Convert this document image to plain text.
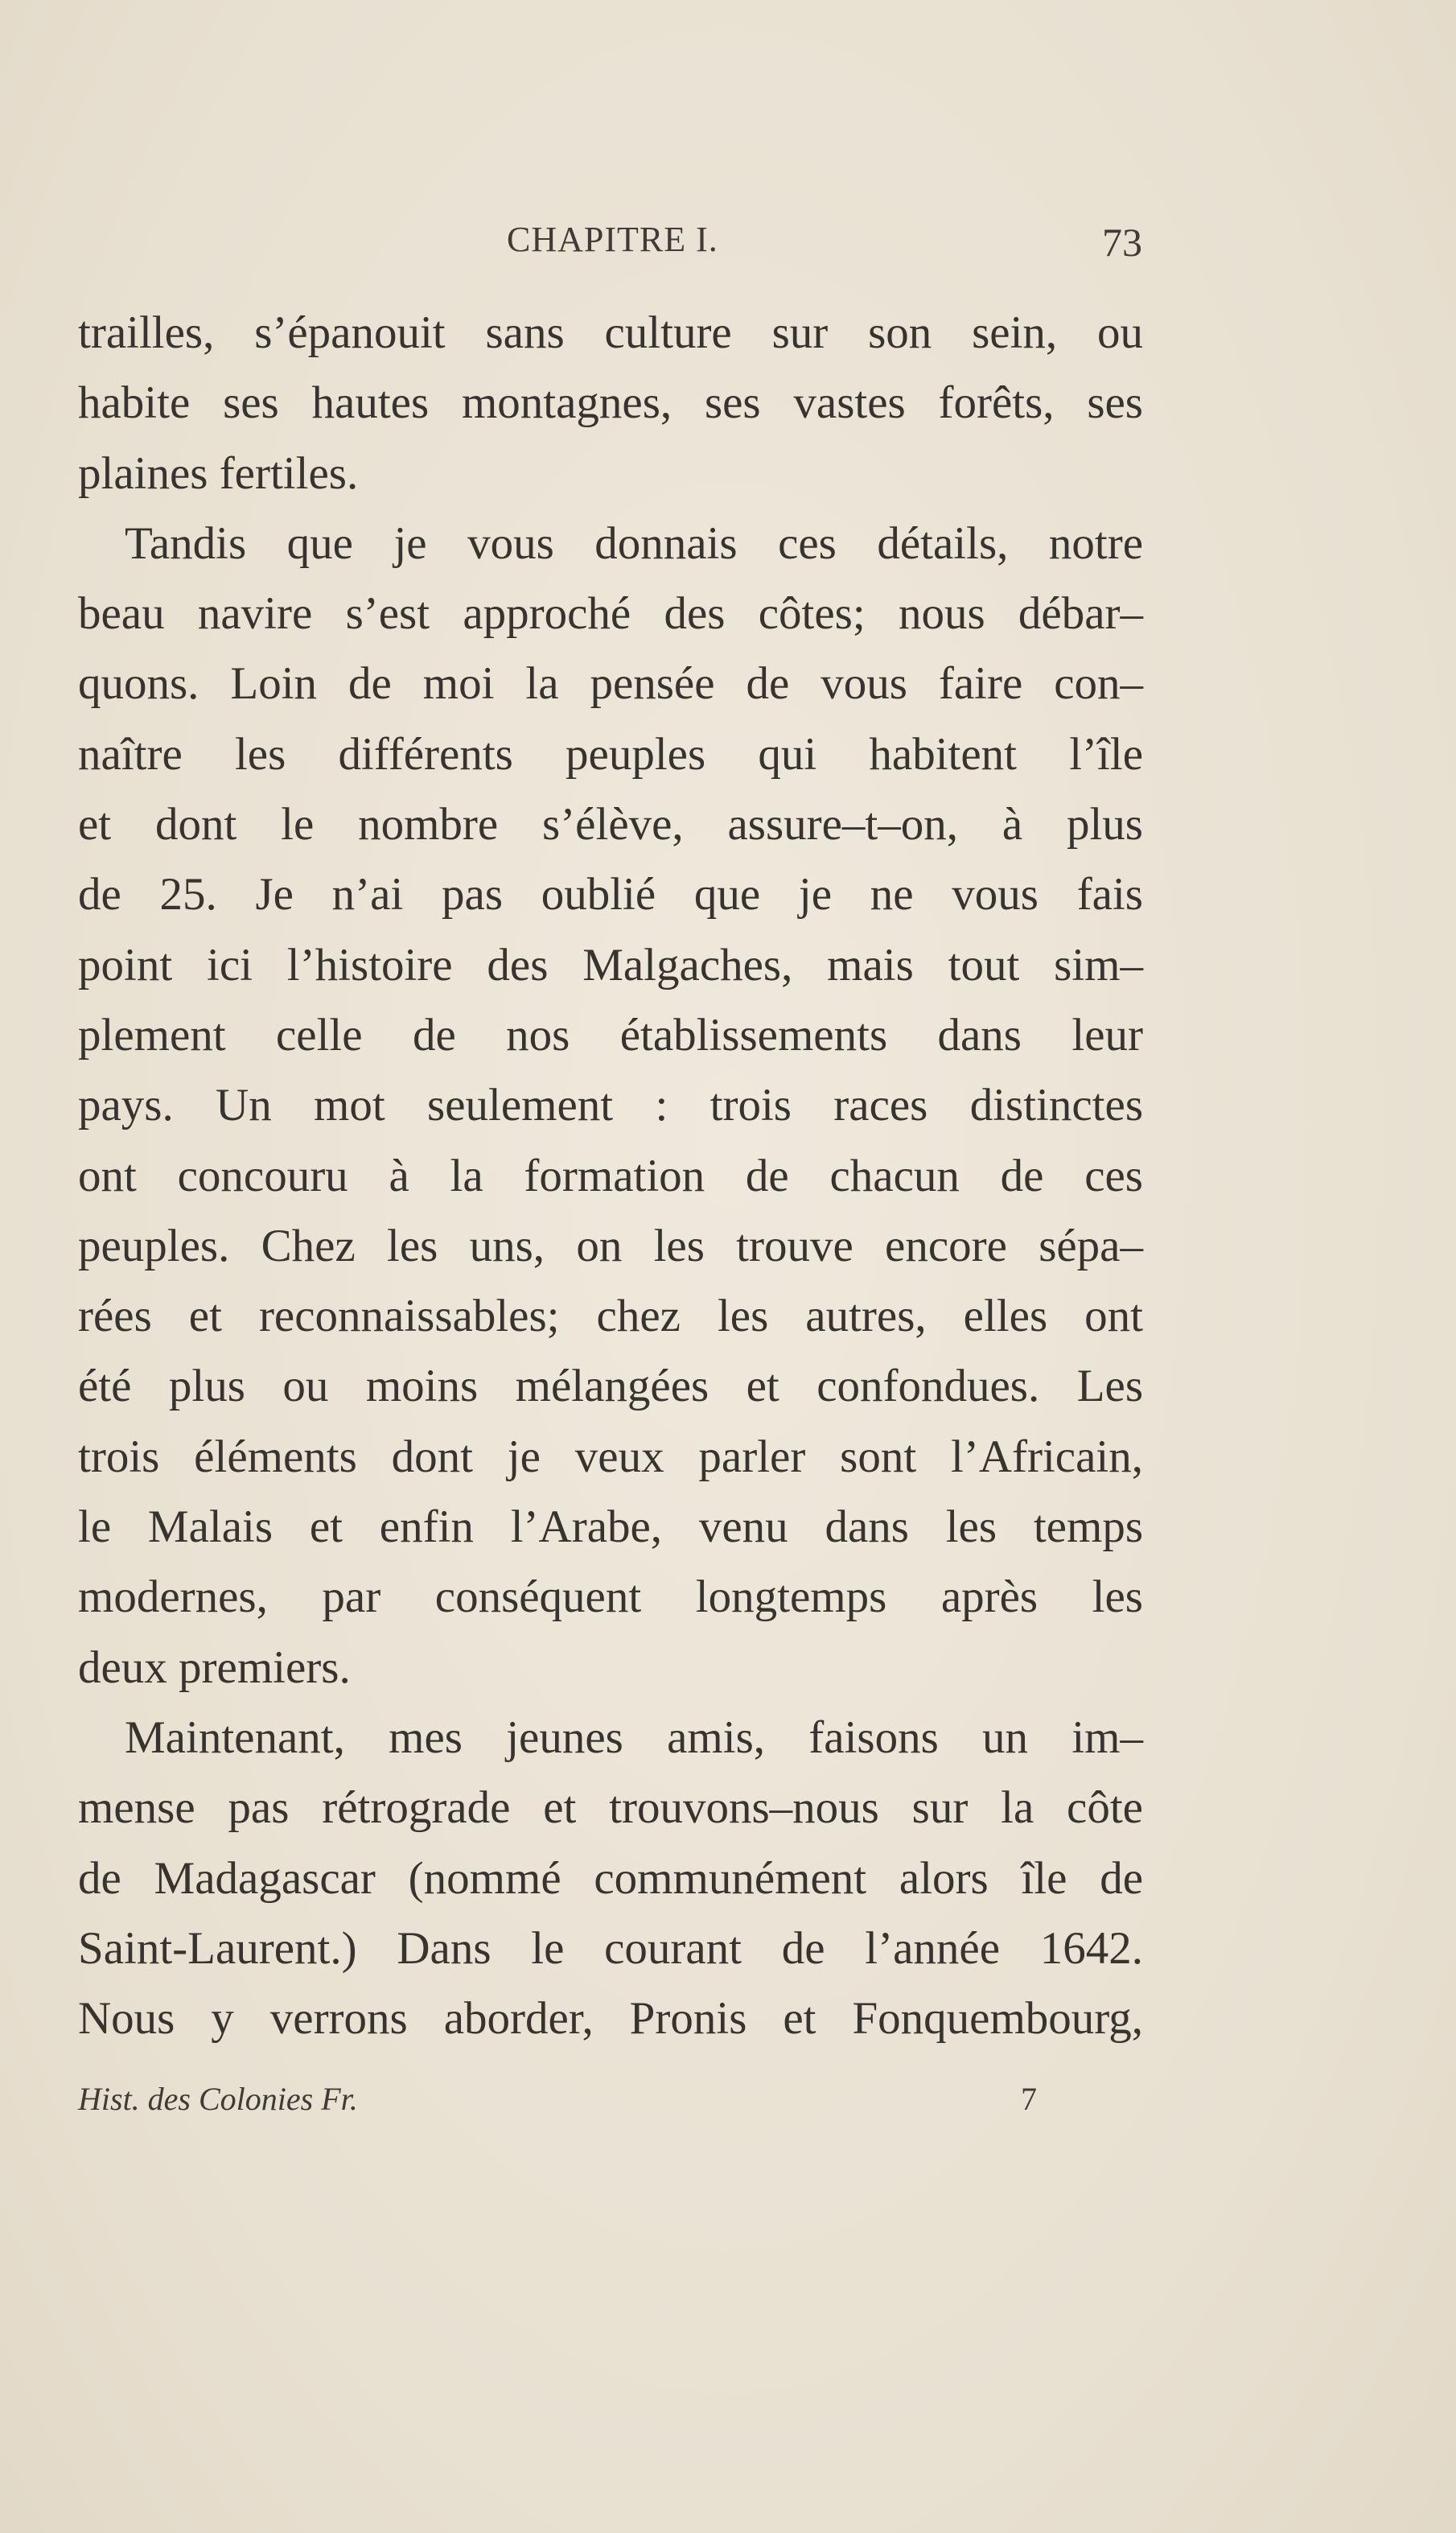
CHAPITRE I.	73
trailles, s’épanouit sans culture sur son sein, ou
habite ses hautes montagnes, ses vastes forêts, ses
plaines fertiles.
Tandis que je vous donnais ces détails, notre
beau navire s’est approché des côtes; nous débar–
quons. Loin de moi la pensée de vous faire con–
naître les différents peuples qui habitent l’île
et dont le nombre s’élève, assure–t–on, à plus
de 25. Je n’ai pas oublié que je ne vous fais
point ici l’histoire des Malgaches, mais tout sim–
plement celle de nos établissements dans leur
pays. Un mot seulement : trois races distinctes
ont concouru à la formation de chacun de ces
peuples. Chez les uns, on les trouve encore sépa–
rées et reconnaissables; chez les autres, elles ont
été plus ou moins mélangées et confondues. Les
trois éléments dont je veux parler sont l’Africain,
le Malais et enfin l’Arabe, venu dans les temps
modernes, par conséquent longtemps après les
deux premiers.
Maintenant, mes jeunes amis, faisons un im–
mense pas rétrograde et trouvons–nous sur la côte
de Madagascar (nommé communément alors île de
Saint-Laurent.) Dans le courant de l’année 1642.
Nous y verrons aborder, Pronis et Fonquembourg,
Hist. des Colonies Fr.	7
